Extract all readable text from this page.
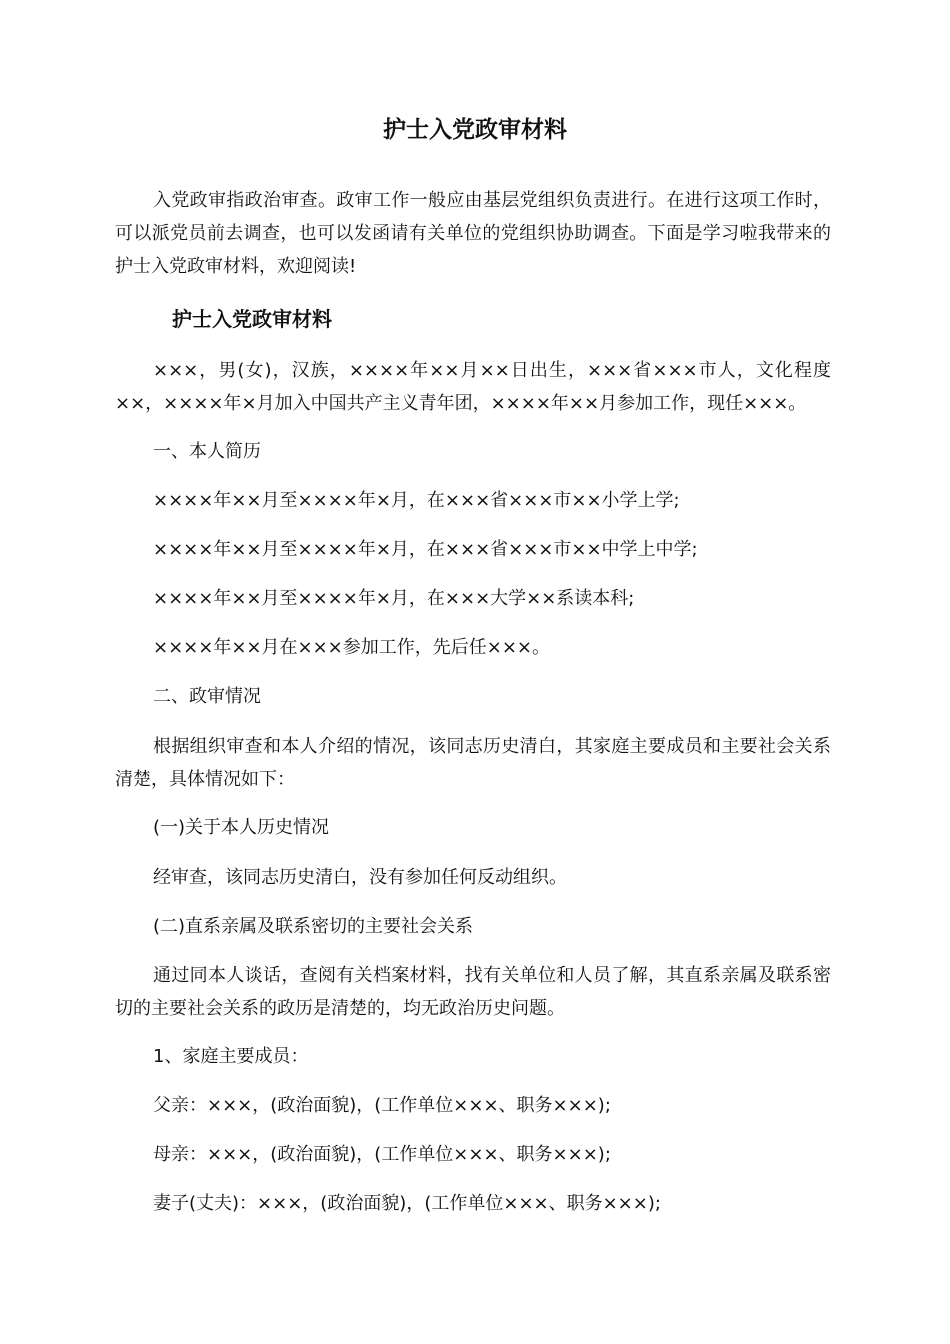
护士入党政审材料

入党政审指政治审查。政审工作一般应由基层党组织负责进行。在进行这项工作时，可以派党员前去调查，也可以发函请有关单位的党组织协助调查。下面是学习啦我带来的护士入党政审材料，欢迎阅读!

护士入党政审材料

×××，男(女)，汉族，××××年××月××日出生，×××省×××市人，文化程度××，××××年×月加入中国共产主义青年团，××××年××月参加工作，现任×××。

一、本人简历

××××年××月至××××年×月，在×××省×××市××小学上学;

××××年××月至××××年×月，在×××省×××市××中学上中学;

××××年××月至××××年×月，在×××大学××系读本科;

××××年××月在×××参加工作，先后任×××。

二、政审情况

根据组织审查和本人介绍的情况，该同志历史清白，其家庭主要成员和主要社会关系清楚，具体情况如下：

(一)关于本人历史情况

经审查，该同志历史清白，没有参加任何反动组织。

(二)直系亲属及联系密切的主要社会关系

通过同本人谈话，查阅有关档案材料，找有关单位和人员了解，其直系亲属及联系密切的主要社会关系的政历是清楚的，均无政治历史问题。

1、家庭主要成员：

父亲：×××，(政治面貌)，(工作单位×××、职务×××);

母亲：×××，(政治面貌)，(工作单位×××、职务×××);

妻子(丈夫)：×××，(政治面貌)，(工作单位×××、职务×××);
